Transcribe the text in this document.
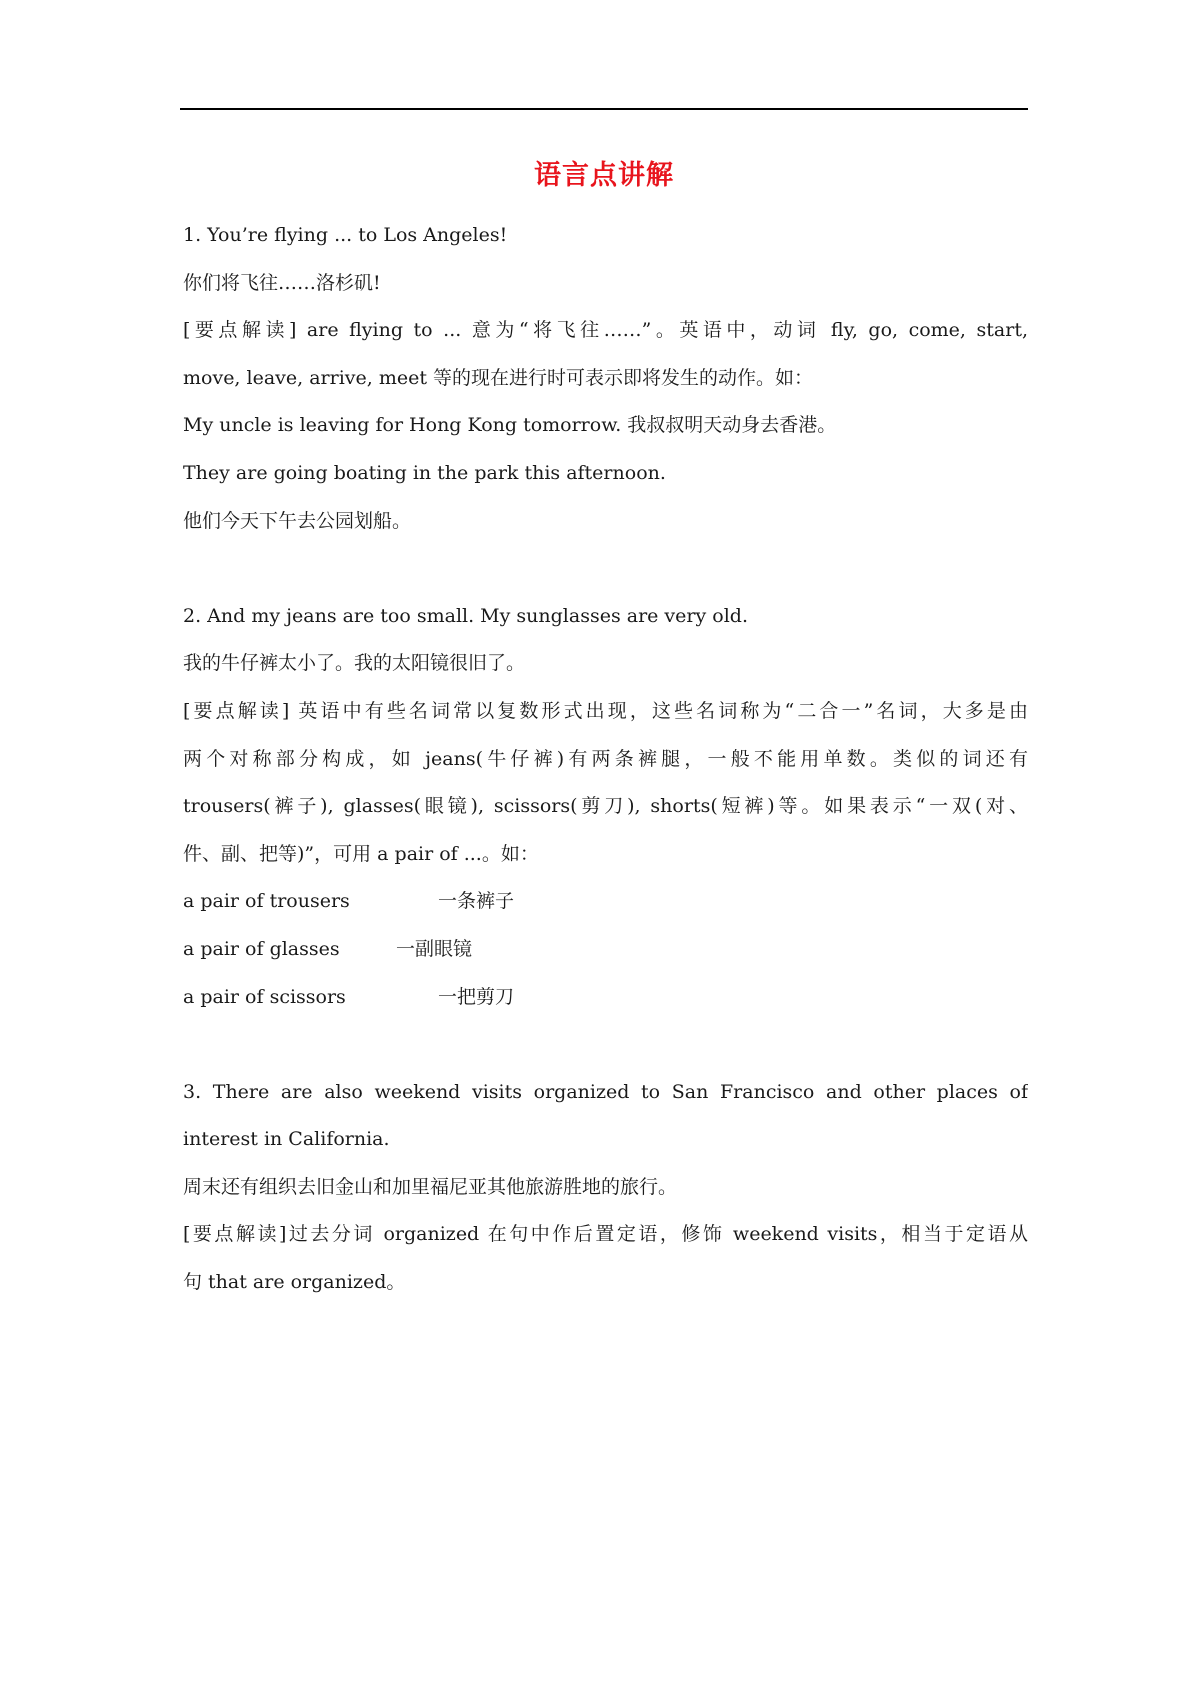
语言点讲解
1. You’re flying ... to Los Angeles!
你们将飞往……洛杉矶!
[要点解读] are flying to ... 意为“将飞往……”。英语中，动词 fly, go, come, start,
move, leave, arrive, meet 等的现在进行时可表示即将发生的动作。如：
My uncle is leaving for Hong Kong tomorrow. 我叔叔明天动身去香港。
They are going boating in the park this afternoon.
他们今天下午去公园划船。
2. And my jeans are too small. My sunglasses are very old.
我的牛仔裤太小了。我的太阳镜很旧了。
[要点解读] 英语中有些名词常以复数形式出现，这些名词称为“二合一”名词，大多是由
两个对称部分构成，如 jeans(牛仔裤)有两条裤腿，一般不能用单数。类似的词还有
trousers(裤子), glasses(眼镜), scissors(剪刀), shorts(短裤)等。如果表示“一双(对、
件、副、把等)”，可用 a pair of ...。如：
a pair of trousers	一条裤子
a pair of glasses	一副眼镜
a pair of scissors	一把剪刀
3. There are also weekend visits organized to San Francisco and other places of
interest in California.
周末还有组织去旧金山和加里福尼亚其他旅游胜地的旅行。
[要点解读]过去分词 organized 在句中作后置定语，修饰 weekend visits，相当于定语从
句 that are organized。
